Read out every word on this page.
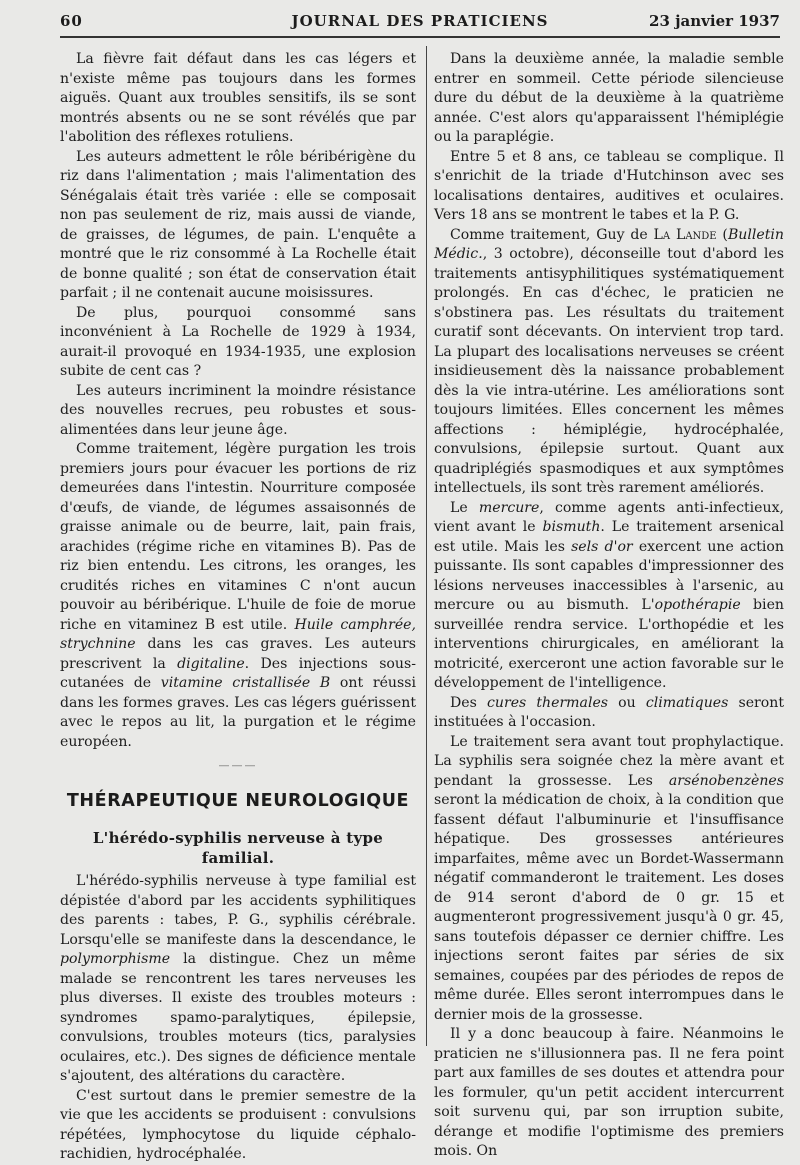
60	JOURNAL DES PRATICIENS	23 janvier 1937

La fièvre fait défaut dans les cas légers et n'existe même pas toujours dans les formes aiguës. Quant aux troubles sensitifs, ils se sont montrés absents ou ne se sont révélés que par l'abolition des réflexes rotuliens.

Les auteurs admettent le rôle béribérigène du riz dans l'alimentation ; mais l'alimentation des Sénégalais était très variée : elle se composait non pas seulement de riz, mais aussi de viande, de graisses, de légumes, de pain. L'enquête a montré que le riz consommé à La Rochelle était de bonne qualité ; son état de conservation était parfait ; il ne contenait aucune moisissures.

De plus, pourquoi consommé sans inconvénient à La Rochelle de 1929 à 1934, aurait-il provoqué en 1934-1935, une explosion subite de cent cas ?

Les auteurs incriminent la moindre résistance des nouvelles recrues, peu robustes et sous-alimentées dans leur jeune âge.

Comme traitement, légère purgation les trois premiers jours pour évacuer les portions de riz demeurées dans l'intestin. Nourriture composée d'œufs, de viande, de légumes assaisonnés de graisse animale ou de beurre, lait, pain frais, arachides (régime riche en vitamines B). Pas de riz bien entendu. Les citrons, les oranges, les crudités riches en vitamines C n'ont aucun pouvoir au béribérique. L'huile de foie de morue riche en vitaminez B est utile. Huile camphrée, strychnine dans les cas graves. Les auteurs prescrivent la digitaline. Des injections sous-cutanées de vitamine cristallisée B ont réussi dans les formes graves. Les cas légers guérissent avec le repos au lit, la purgation et le régime européen.

———
THÉRAPEUTIQUE NEUROLOGIQUE
L'hérédo-syphilis nerveuse à type familial.

L'hérédo-syphilis nerveuse à type familial est dépistée d'abord par les accidents syphilitiques des parents : tabes, P. G., syphilis cérébrale. Lorsqu'elle se manifeste dans la descendance, le polymorphisme la distingue. Chez un même malade se rencontrent les tares nerveuses les plus diverses. Il existe des troubles moteurs : syndromes spamo-paralytiques, épilepsie, convulsions, troubles moteurs (tics, paralysies oculaires, etc.). Des signes de déficience mentale s'ajoutent, des altérations du caractère.

C'est surtout dans le premier semestre de la vie que les accidents se produisent : convulsions répétées, lymphocytose du liquide céphalo-rachidien, hydrocéphalée.

Dans la deuxième année, la maladie semble entrer en sommeil. Cette période silencieuse dure du début de la deuxième à la quatrième année. C'est alors qu'apparaissent l'hémiplégie ou la paraplégie.

Entre 5 et 8 ans, ce tableau se complique. Il s'enrichit de la triade d'Hutchinson avec ses localisations dentaires, auditives et oculaires. Vers 18 ans se montrent le tabes et la P. G.

Comme traitement, Guy de La Lande (Bulletin Médic., 3 octobre), déconseille tout d'abord les traitements antisyphilitiques systématiquement prolongés. En cas d'échec, le praticien ne s'obstinera pas. Les résultats du traitement curatif sont décevants. On intervient trop tard. La plupart des localisations nerveuses se créent insidieusement dès la naissance probablement dès la vie intra-utérine. Les améliorations sont toujours limitées. Elles concernent les mêmes affections : hémiplégie, hydrocéphalée, convulsions, épilepsie surtout. Quant aux quadriplégiés spasmodiques et aux symptômes intellectuels, ils sont très rarement améliorés.

Le mercure, comme agents anti-infectieux, vient avant le bismuth. Le traitement arsenical est utile. Mais les sels d'or exercent une action puissante. Ils sont capables d'impressionner des lésions nerveuses inaccessibles à l'arsenic, au mercure ou au bismuth. L'opothérapie bien surveillée rendra service. L'orthopédie et les interventions chirurgicales, en améliorant la motricité, exerceront une action favorable sur le développement de l'intelligence.

Des cures thermales ou climatiques seront instituées à l'occasion.

Le traitement sera avant tout prophylactique. La syphilis sera soignée chez la mère avant et pendant la grossesse. Les arsénobenzènes seront la médication de choix, à la condition que fassent défaut l'albuminurie et l'insuffisance hépatique. Des grossesses antérieures imparfaites, même avec un Bordet-Wassermann négatif commanderont le traitement. Les doses de 914 seront d'abord de 0 gr. 15 et augmenteront progressivement jusqu'à 0 gr. 45, sans toutefois dépasser ce dernier chiffre. Les injections seront faites par séries de six semaines, coupées par des périodes de repos de même durée. Elles seront interrompues dans le dernier mois de la grossesse.

Il y a donc beaucoup à faire. Néanmoins le praticien ne s'illusionnera pas. Il ne fera point part aux familles de ses doutes et attendra pour les formuler, qu'un petit accident intercurrent soit survenu qui, par son irruption subite, dérange et modifie l'optimisme des premiers mois. On
